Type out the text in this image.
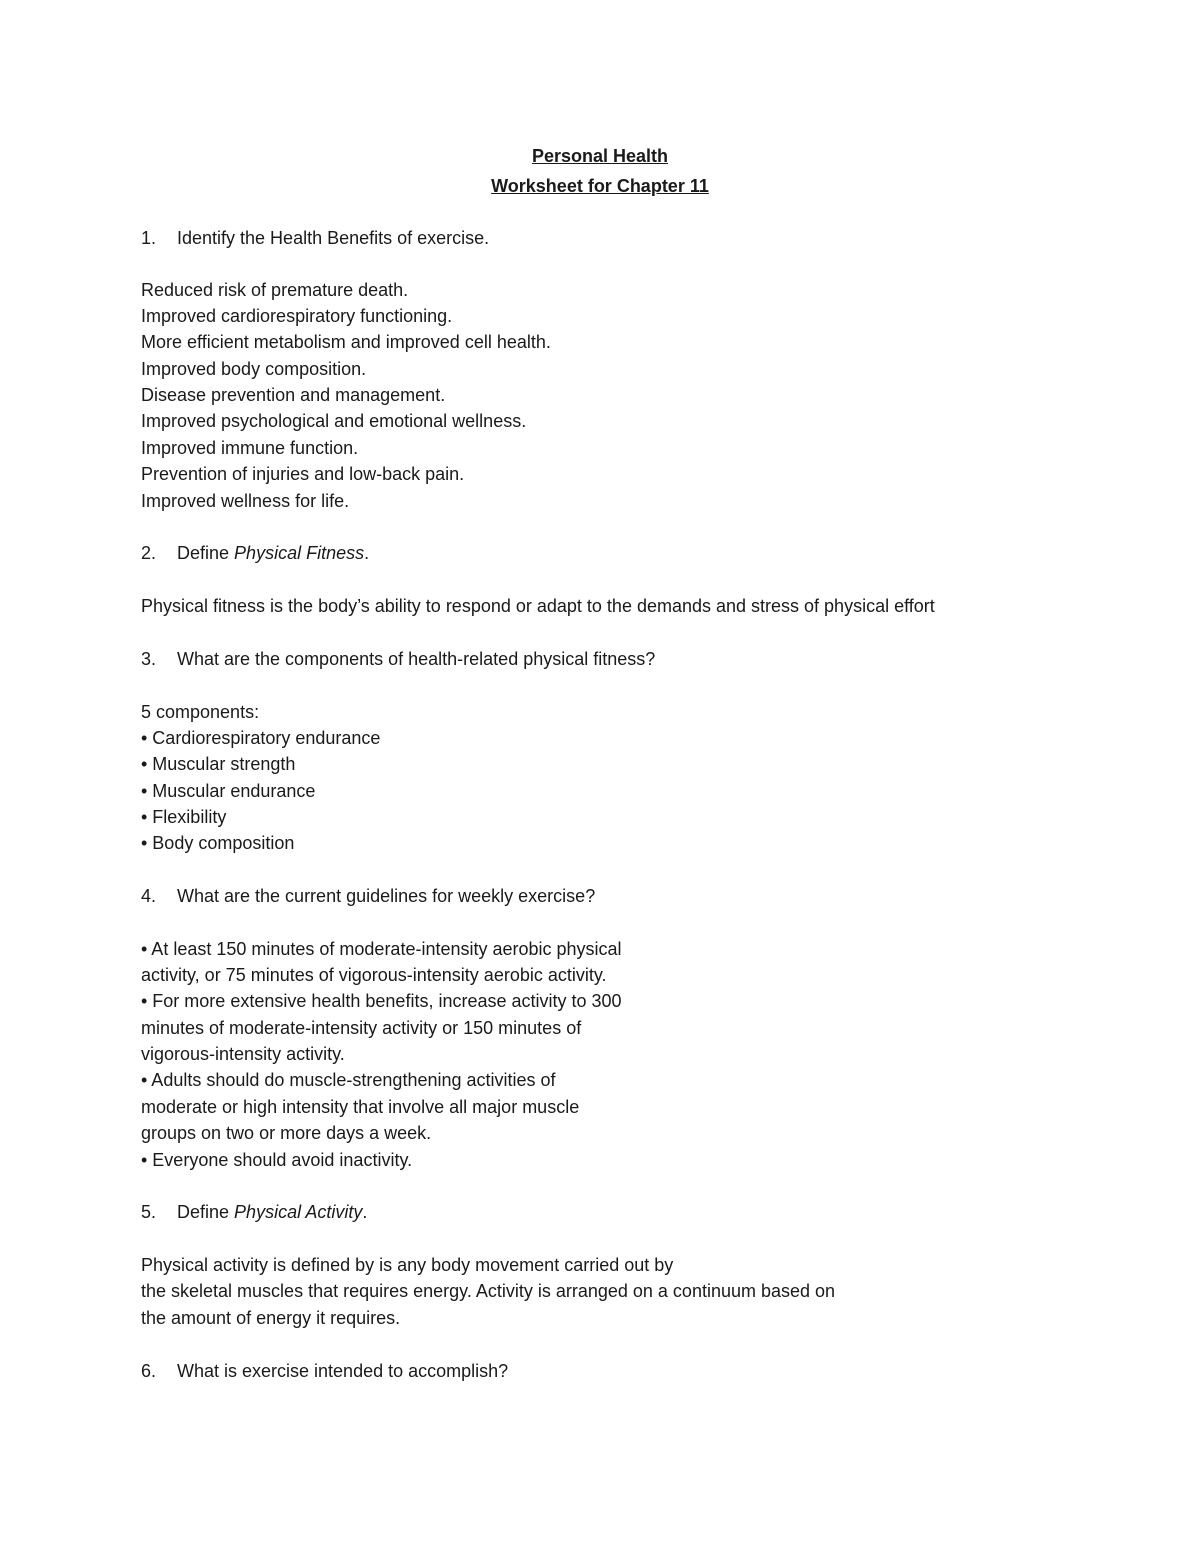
Personal Health
Worksheet for Chapter 11
1. Identify the Health Benefits of exercise.
Reduced risk of premature death.
Improved cardiorespiratory functioning.
More efficient metabolism and improved cell health.
Improved body composition.
Disease prevention and management.
Improved psychological and emotional wellness.
Improved immune function.
Prevention of injuries and low-back pain.
Improved wellness for life.
2. Define Physical Fitness.
Physical fitness is the body’s ability to respond or adapt to the demands and stress of physical effort
3. What are the components of health-related physical fitness?
5 components:
• Cardiorespiratory endurance
• Muscular strength
• Muscular endurance
• Flexibility
• Body composition
4. What are the current guidelines for weekly exercise?
• At least 150 minutes of moderate-intensity aerobic physical
activity, or 75 minutes of vigorous-intensity aerobic activity.
• For more extensive health benefits, increase activity to 300
minutes of moderate-intensity activity or 150 minutes of
vigorous-intensity activity.
• Adults should do muscle-strengthening activities of
moderate or high intensity that involve all major muscle
groups on two or more days a week.
• Everyone should avoid inactivity.
5. Define Physical Activity.
Physical activity is defined by is any body movement carried out by
the skeletal muscles that requires energy. Activity is arranged on a continuum based on
the amount of energy it requires.
6. What is exercise intended to accomplish?
